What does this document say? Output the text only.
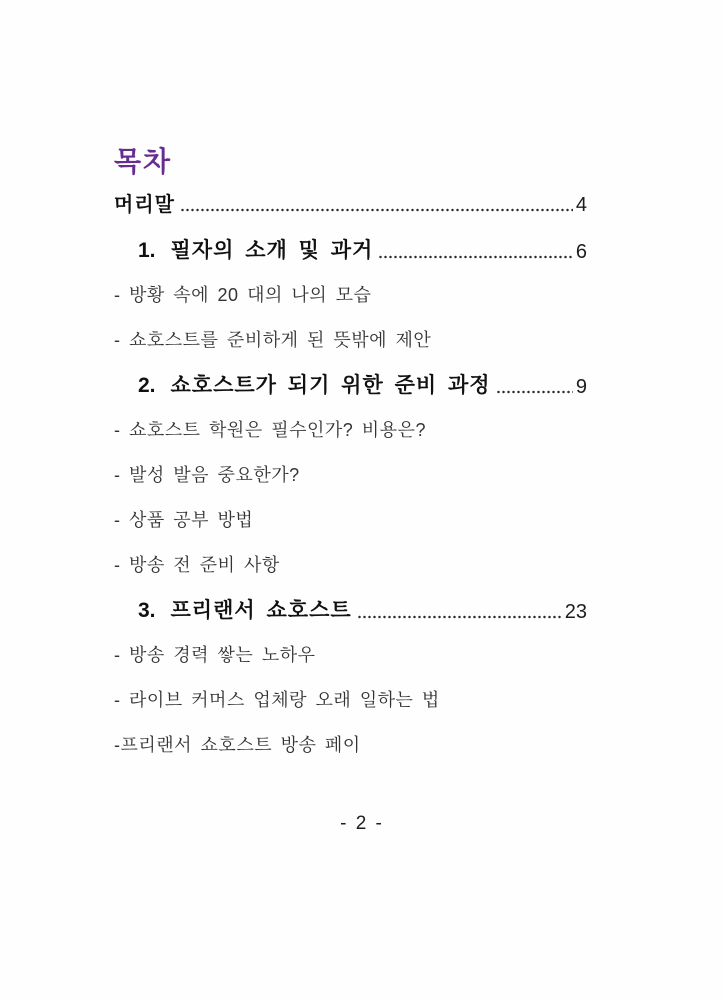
목차
머리말	4
1. 필자의 소개 및 과거	6
- 방황 속에 20 대의 나의 모습
- 쇼호스트를 준비하게 된 뜻밖에 제안
2. 쇼호스트가 되기 위한 준비 과정	9
- 쇼호스트 학원은 필수인가? 비용은?
- 발성 발음 중요한가?
- 상품 공부 방법
- 방송 전 준비 사항
3. 프리랜서 쇼호스트	23
- 방송 경력 쌓는 노하우
- 라이브 커머스 업체랑 오래 일하는 법
-프리랜서 쇼호스트 방송 페이
- 2 -
